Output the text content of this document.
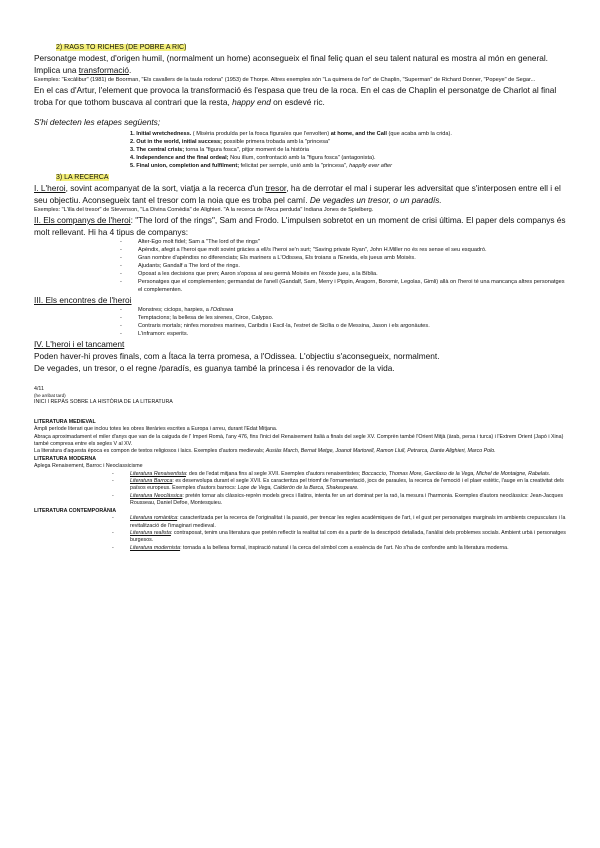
2) RAGS TO RICHES (DE POBRE A RIC)

Personatge modest, d'origen humil, (normalment un home) aconsegueix el final feliç quan el seu talent natural es mostra al món en general. Implica una transformació.

Exemples: "Excàlibur" (1981) de Boorman, "Els cavallers de la taula rodona" (1953) de Thorpe. Altres exemples són "La quimera de l'or" de Chaplin, "Superman" de Richard Donner, "Popeye" de Segar...

En el cas d'Artur, l'element que provoca la transformació és l'espasa que treu de la roca. En el cas de Chaplin el personatge de Charlot al final troba l'or que tothom buscava al contrari que la resta, happy end on esdevé ric.

S'hi detecten les etapes següents;

1. Initial wretchedness. ( Misèria produïda per la fosca figura/es que l'envolten) at home, and the Call (que acaba amb la crida).
2. Out in the world, initial success; possible primera trobada amb la "princesa"
3. The central crisis; torna la "figura fosca", pitjor moment de la història
4. Independence and the final ordeal; Nou illum, confrontació amb la "figura fosca" (antagonista).
5. Final union, completion and fulfilment; felicitat per semple, unió amb la "princesa", happily ever after
3) LA RECERCA

I. L'heroi, sovint acompanyat de la sort, viatja a la recerca d'un tresor, ha de derrotar el mal i superar les adversitat que s'interposen entre ell i el seu objectiu. Aconsegueix tant el tresor com la noia que es troba pel camí. De vegades un tresor, o un paradís.

Exemples: "L'illa del tresor" de Stevenson, "La Divina Comèdia" de Alighieri. "A la recerca de l'Arca perduda" Indiana Jones de Spielberg.

II. Els companys de l'heroi: "The lord of the rings", Sam and Frodo. L'impulsen sobretot en un moment de crisi última. El paper dels companys és molt rellevant. Hi ha 4 tipus de companys:

- Alter-Ego molt fidel; Sam a "The lord of the rings"
- Apèndix, afegit a l'heroi que molt sovint gràcies a ell/s l'heroi se'n surt; "Saving private Ryan", John H.Miller no és res sense el seu esquadró.
- Gran nombre d'apèndixs no diferenciats; Els mariners a L'Odissea, Els troians a l'Eneida, els jueus amb Moisès.
- Ajudants; Gandalf a The lord of the rings.
- Oposat a les decisions que pren; Aaron s'oposa al seu germà Moisès en l'èxode jueu, a la Bíblia.
- Personatges que el complementen; germandat de l'anell (Gandalf, Sam, Merry i Pippin, Aragorn, Boromir, Legolas, Gimli) allà on l'heroi té una mancança altres personatges el complementen.

III. Els encontres de l'heroi

- Monstres; ciclops, harpies, a l'Odissea
- Temptacions; la bellesa de les sirenes, Circe, Calypso.
- Contraris mortals; ninfes monstres marines, Caribdis i Escil·la, l'estret de Sicília o de Messina, Jason i els argonàutes.
- L'inframon: esperits.

IV. L'heroi i el tancament

Poden haver-hi proves finals, com a Ítaca la terra promesa, a l'Odissea. L'objectiu s'aconsegueix, normalment.

De vegades, un tresor, o el regne /paradís, es guanya també la princesa i és renovador de la vida.

4/11

(he arribat tard)

INICI I REPÀS SOBRE LA HISTÒRIA DE LA LITERATURA

LITERATURA MEDIEVAL

Àmpli període literari que inclou totes les obres literàries escrites a Europa i arreu, durant l'Edat Mitjana.

Abraça aproximadament el miler d'anys que van de la caiguda de l' Imperi Romà, l'any 476, fins l'inici del Renaixement Italià a finals del segle XV. Comprèn també l'Orient Mitjà (àrab, persa i turca) i l'Extrem Orient (Japó i Xina) també compresa entre els segles V al XV.

La literatura d'aquesta època es compon de textos religiosos i laics. Exemples d'autors medievals; Ausiàs March, Bernat Metge, Joanot Martorell, Ramon Llull, Petrarca, Dante Alighieri, Marco Polo.

LITERATURA MODERNA

Aplega Renaixement, Barroc i Neoclassicisme

- Literatura Renaixentista: des de l'edat mitjana fins al segle XVII. Exemples d'autors renaixentistes; Boccaccio, Thomas More, Garcilaso de la Vega, Michel de Montaigne, Rabelais.
- Literatura Barroca: es desenvolupa durant el segle XVII. Es caracteritza pel triomf de l'ornamentació, jocs de paraules, la recerca de l'emoció i el plaer estètic, l'auge en la creativitat dels països europeus. Exemples d'autors barrocs: Lope de Vega, Calderón de la Barca, Shakespeare.
- Literatura Neoclàssica: pretén tornar als clàssics-reprèn models grecs i llatins, intenta fer un art dominat per la raó, la mesura i l'harmonia. Exemples d'autors neoclàssics: Jean-Jacques Rousseau, Daniel Defoe, Montesquieu.

LITERATURA CONTEMPORÀNIA

- Literatura romàntica: caracteritzada per la recerca de l'originalitat i la passió, per trencar les regles acadèmiques de l'art, i el gust per personatges marginals im ambients crepusculars i la revitalització de l'imaginari medieval.
- Literatura realista: contraposat, tenim una literatura que pretén reflectir la realitat tal com és a partir de la descripció detallada, l'anàlisi dels problemes socials. Ambient urbà i personatges burgesos.
- Literatura modernista: tornada a la bellesa formal, inspiració natural i la cerca del símbol com a essència de l'art. No s'ha de confondre amb la literatura moderna.
